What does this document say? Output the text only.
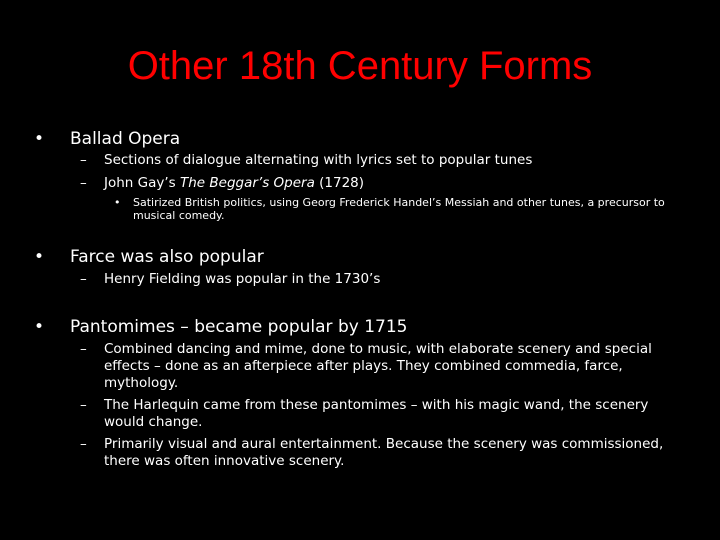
Other 18th Century Forms
• Ballad Opera
– Sections of dialogue alternating with lyrics set to popular tunes
– John Gay’s The Beggar’s Opera (1728)
• Satirized British politics, using Georg Frederick Handel’s Messiah and other tunes, a precursor to musical comedy.
• Farce was also popular
– Henry Fielding was popular in the 1730’s
• Pantomimes – became popular by 1715
– Combined dancing and mime, done to music, with elaborate scenery and special effects – done as an afterpiece after plays. They combined commedia, farce, mythology.
– The Harlequin came from these pantomimes – with his magic wand, the scenery would change.
– Primarily visual and aural entertainment. Because the scenery was commissioned, there was often innovative scenery.
